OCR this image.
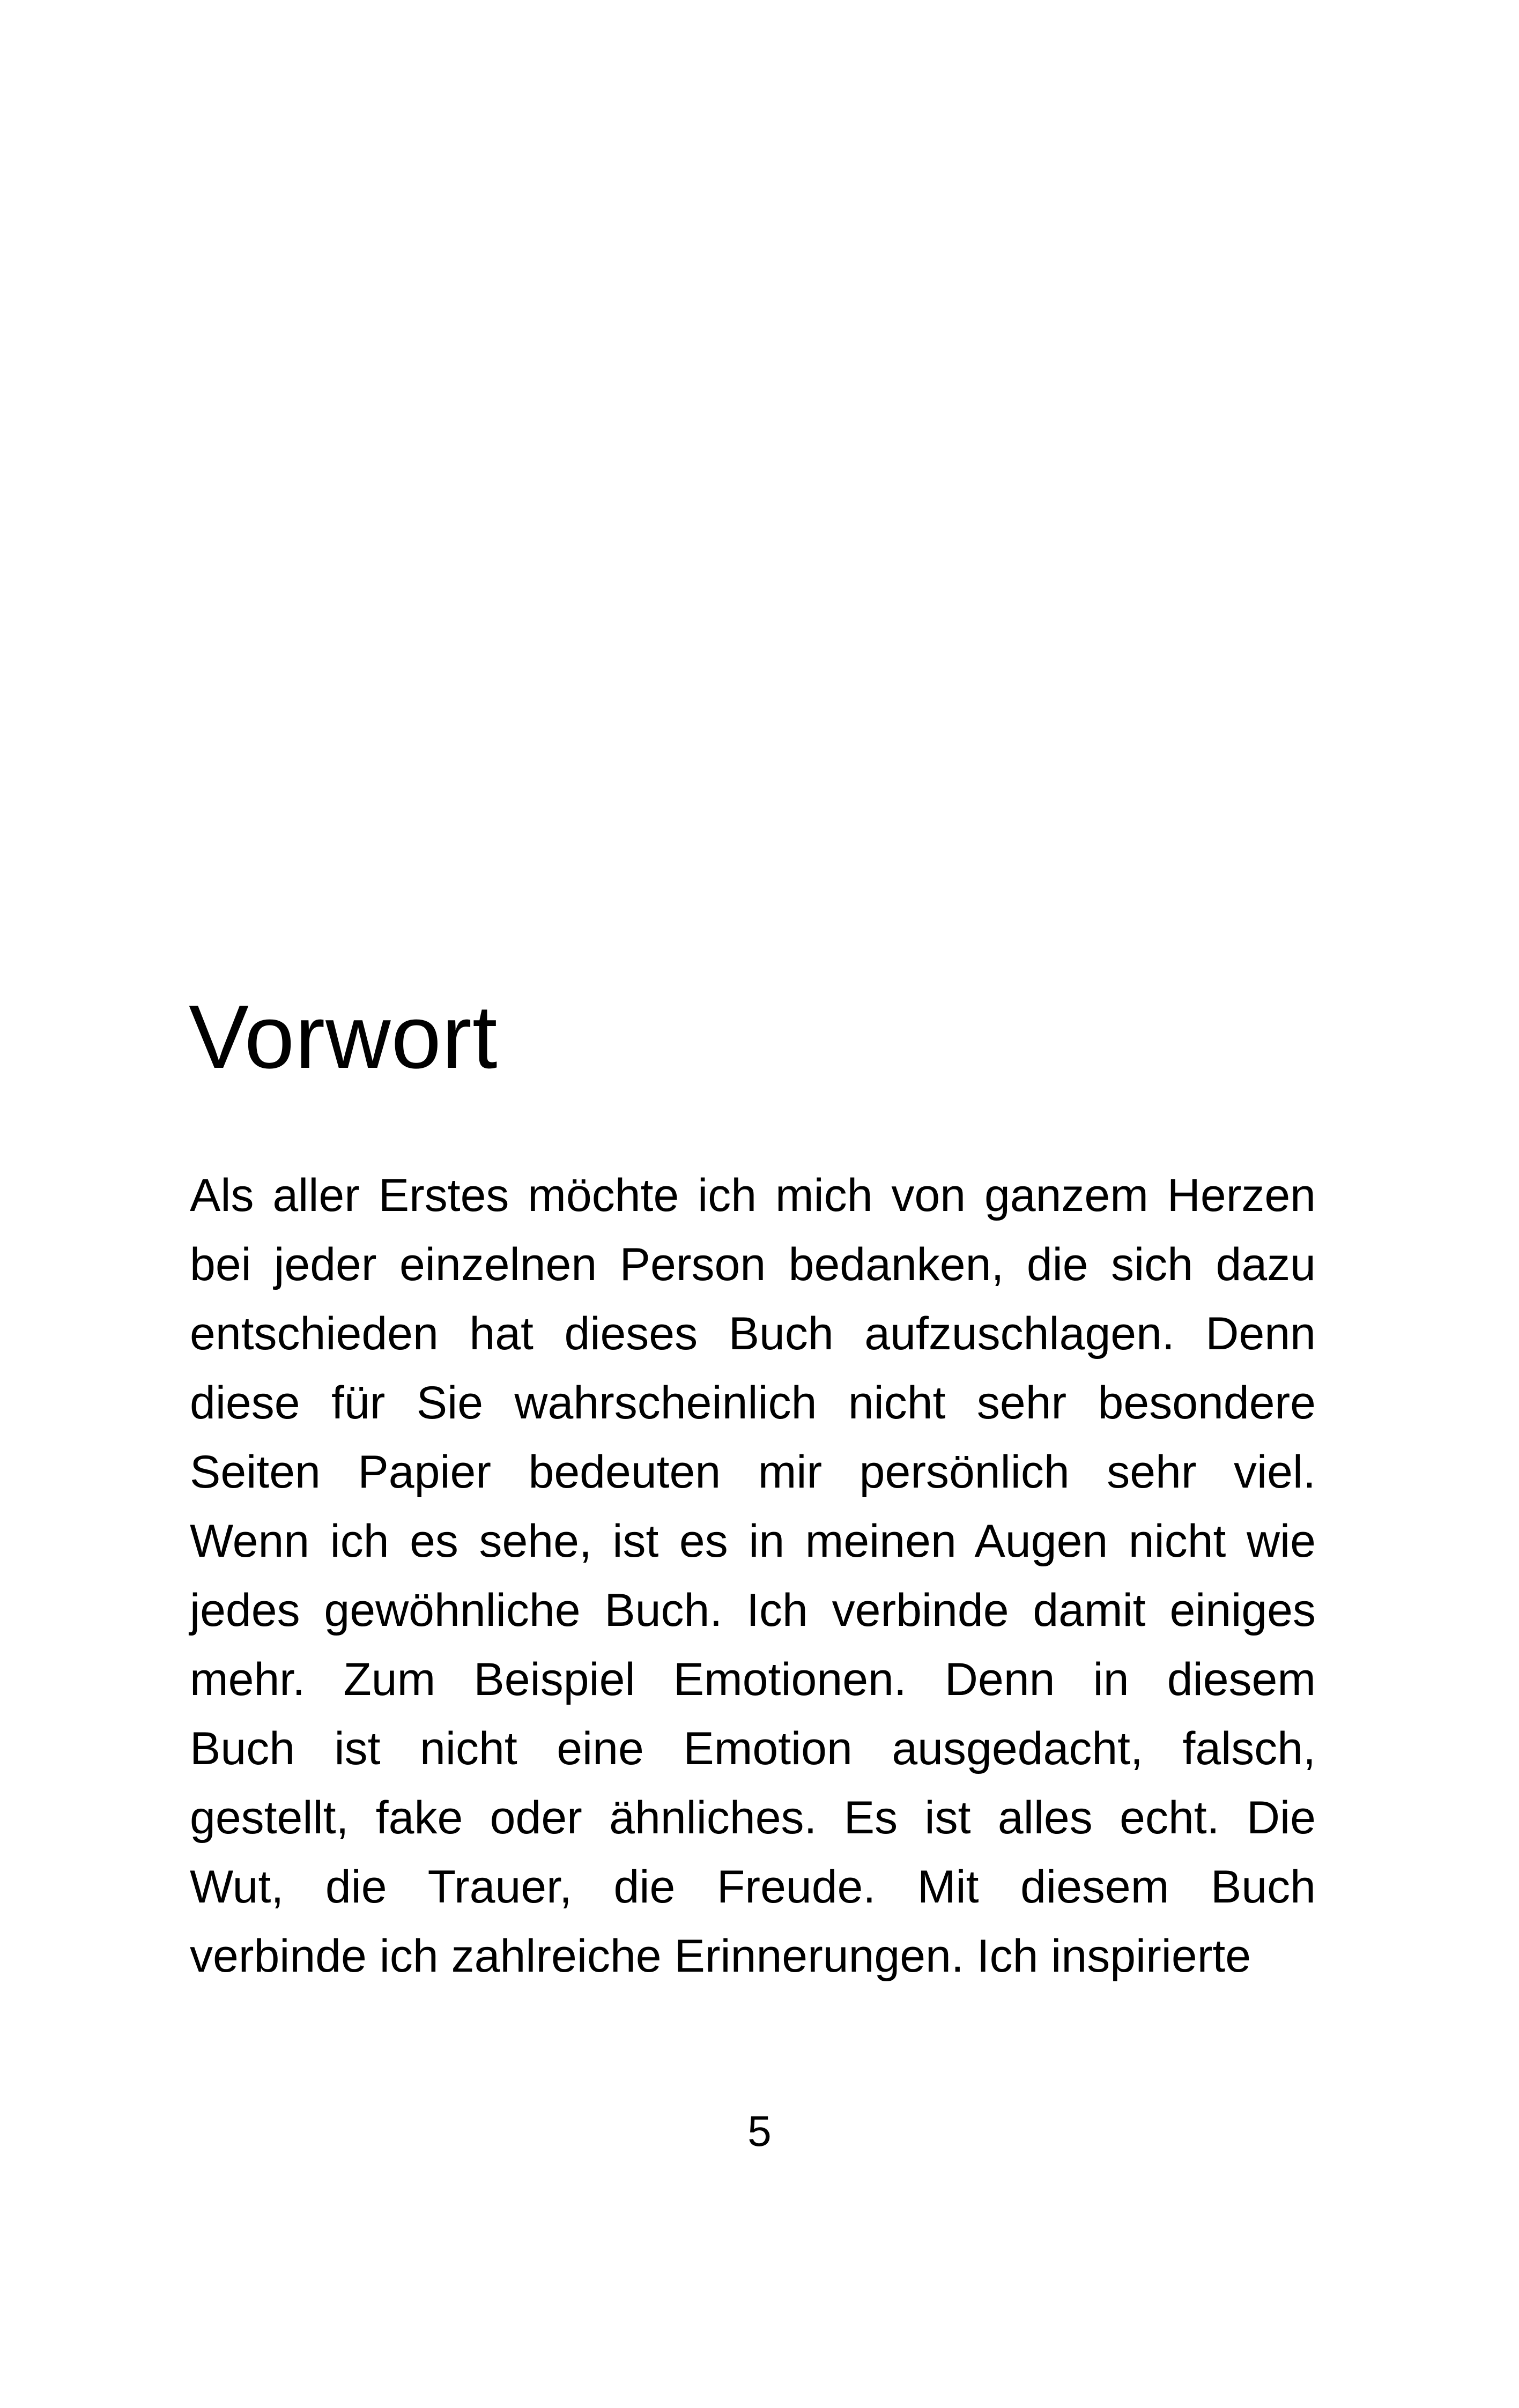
Vorwort
Als aller Erstes möchte ich mich von ganzem Herzen
bei jeder einzelnen Person bedanken, die sich dazu
entschieden hat dieses Buch aufzuschlagen. Denn
diese für Sie wahrscheinlich nicht sehr besondere
Seiten Papier bedeuten mir persönlich sehr viel.
Wenn ich es sehe, ist es in meinen Augen nicht wie
jedes gewöhnliche Buch. Ich verbinde damit einiges
mehr. Zum Beispiel Emotionen. Denn in diesem
Buch ist nicht eine Emotion ausgedacht, falsch,
gestellt, fake oder ähnliches. Es ist alles echt. Die
Wut, die Trauer, die Freude. Mit diesem Buch
verbinde ich zahlreiche Erinnerungen. Ich inspirierte
5
